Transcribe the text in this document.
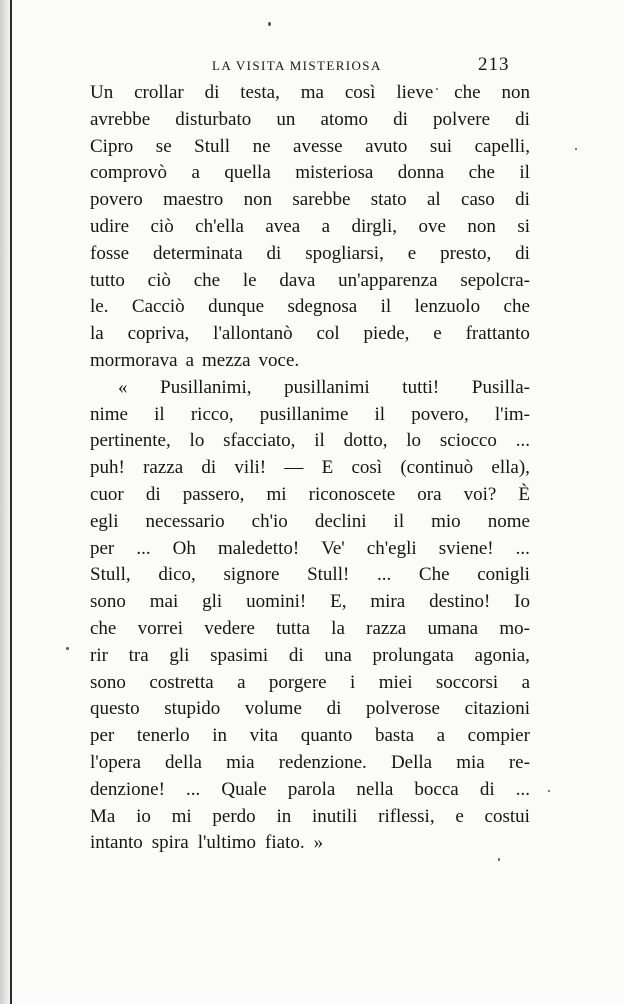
LA VISITA MISTERIOSA	213
Un crollar di testa, ma così lieve che non
avrebbe disturbato un atomo di polvere di
Cipro se Stull ne avesse avuto sui capelli,
comprovò a quella misteriosa donna che il
povero maestro non sarebbe stato al caso di
udire ciò ch'ella avea a dirgli, ove non si
fosse determinata di spogliarsi, e presto, di
tutto ciò che le dava un'apparenza sepolcra-
le. Cacciò dunque sdegnosa il lenzuolo che
la copriva, l'allontanò col piede, e frattanto
mormorava a mezza voce.
« Pusillanimi, pusillanimi tutti! Pusilla-
nime il ricco, pusillanime il povero, l'im-
pertinente, lo sfacciato, il dotto, lo sciocco ...
puh! razza di vili! — E così (continuò ella),
cuor di passero, mi riconoscete ora voi? È
egli necessario ch'io declini il mio nome
per ... Oh maledetto! Ve' ch'egli sviene! ...
Stull, dico, signore Stull! ... Che conigli
sono mai gli uomini! E, mira destino! Io
che vorrei vedere tutta la razza umana mo-
rir tra gli spasimi di una prolungata agonia,
sono costretta a porgere i miei soccorsi a
questo stupido volume di polverose citazioni
per tenerlo in vita quanto basta a compier
l'opera della mia redenzione. Della mia re-
denzione! ... Quale parola nella bocca di ...
Ma io mi perdo in inutili riflessi, e costui
intanto spira l'ultimo fiato. »
